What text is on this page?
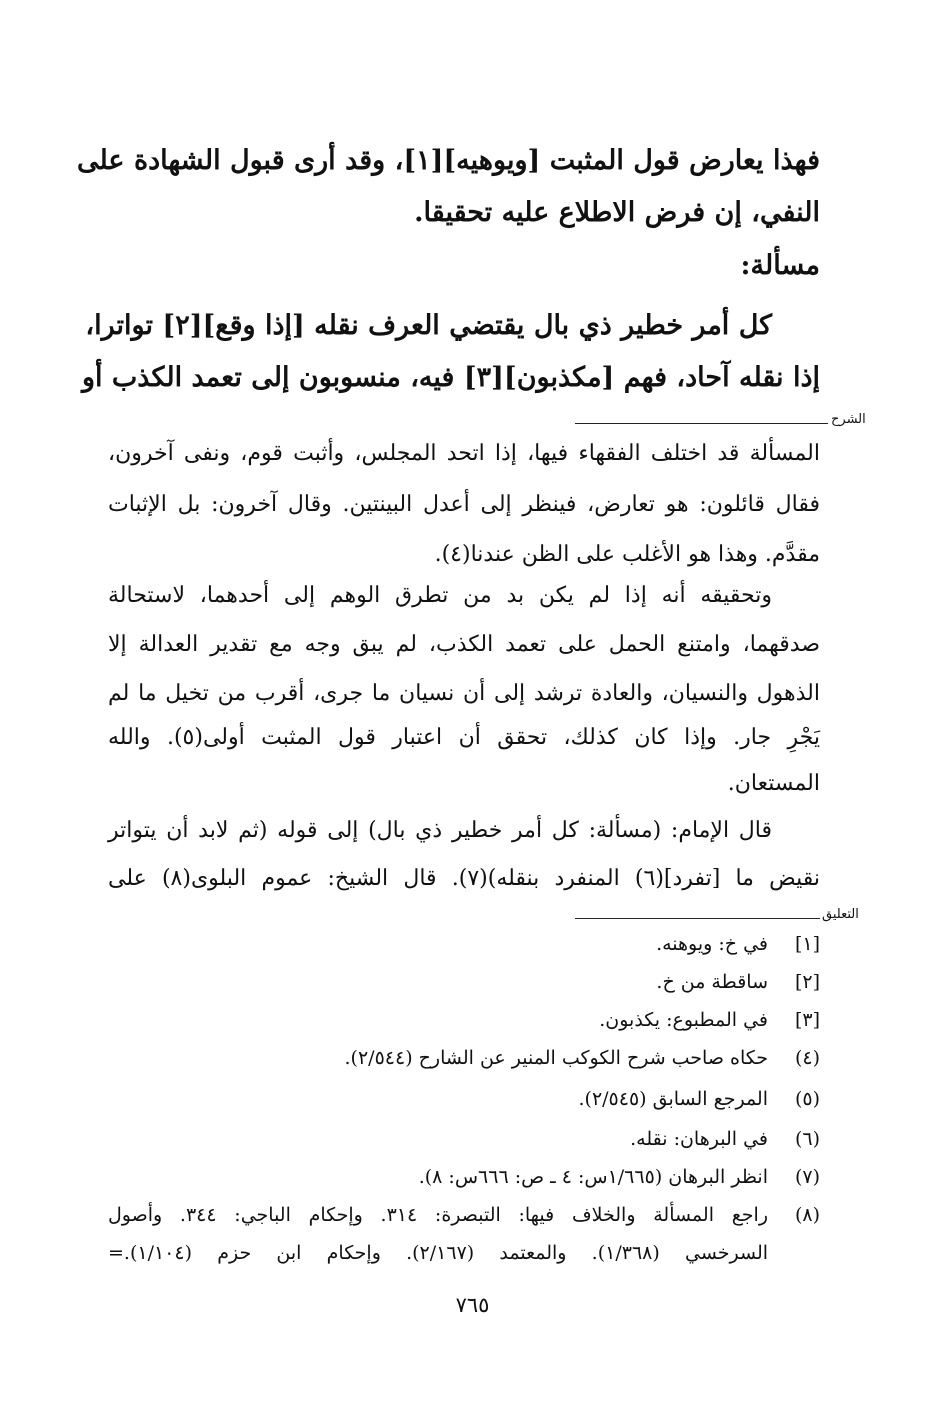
فهذا يعارض قول المثبت [ويوهيه][١]، وقد أرى قبول الشهادة على
النفي، إن فرض الاطلاع عليه تحقيقا.
مسألة:
كل أمر خطير ذي بال يقتضي العرف نقله [إذا وقع][٢] تواترا،
إذا نقله آحاد، فهم [مكذبون][٣] فيه، منسوبون إلى تعمد الكذب أو
الشرح
المسألة قد اختلف الفقهاء فيها، إذا اتحد المجلس، وأثبت قوم، ونفى آخرون،
فقال قائلون: هو تعارض، فينظر إلى أعدل البينتين. وقال آخرون: بل الإثبات
مقدَّم. وهذا هو الأغلب على الظن عندنا(٤).
وتحقيقه أنه إذا لم يكن بد من تطرق الوهم إلى أحدهما، لاستحالة
صدقهما، وامتنع الحمل على تعمد الكذب، لم يبق وجه مع تقدير العدالة إلا
الذهول والنسيان، والعادة ترشد إلى أن نسيان ما جرى، أقرب من تخيل ما لم
يَجْرِ جار. وإذا كان كذلك، تحقق أن اعتبار قول المثبت أولى(٥). والله
المستعان.
قال الإمام: (مسألة: كل أمر خطير ذي بال) إلى قوله (ثم لابد أن يتواتر
نقيض ما [تفرد](٦) المنفرد بنقله)(٧). قال الشيخ: عموم البلوى(٨) على
التعليق
[١]في خ: ويوهنه.
[٢]ساقطة من خ.
[٣]في المطبوع: يكذبون.
(٤)حكاه صاحب شرح الكوكب المنير عن الشارح (٢/٥٤٤).
(٥)المرجع السابق (٢/٥٤٥).
(٦)في البرهان: نقله.
(٧)انظر البرهان (١/٦٦٥س: ٤ ـ ص: ٦٦٦س: ٨).
(٨)راجع المسألة والخلاف فيها: التبصرة: ٣١٤. وإحكام الباجي: ٣٤٤. وأصول
السرخسي (١/٣٦٨). والمعتمد (٢/١٦٧). وإحكام ابن حزم (١/١٠٤).=
٧٦٥
